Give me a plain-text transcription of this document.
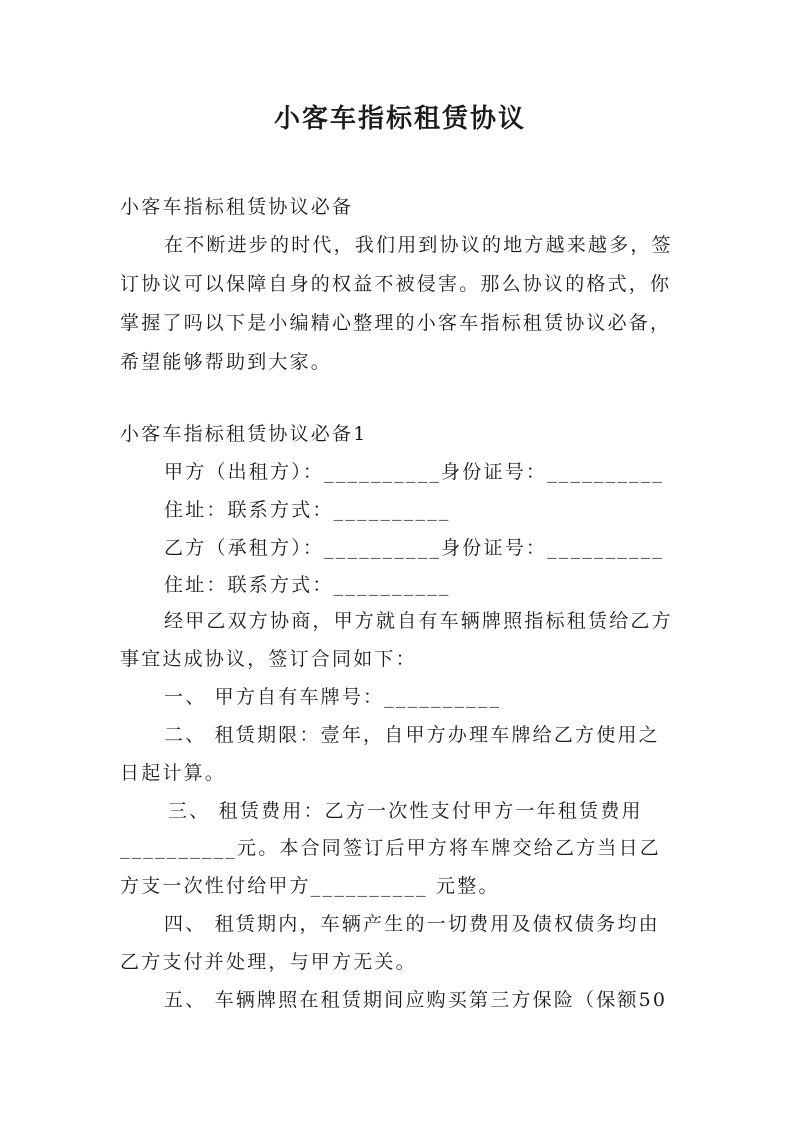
小客车指标租赁协议
小客车指标租赁协议必备
在不断进步的时代，我们用到协议的地方越来越多，签
订协议可以保障自身的权益不被侵害。那么协议的格式，你
掌握了吗以下是小编精心整理的小客车指标租赁协议必备，
希望能够帮助到大家。
小客车指标租赁协议必备1
甲方（出租方）：__________身份证号：__________
住址：联系方式：__________
乙方（承租方）：__________身份证号：__________
住址：联系方式：__________
经甲乙双方协商，甲方就自有车辆牌照指标租赁给乙方
事宜达成协议，签订合同如下：
一、 甲方自有车牌号：__________
二、 租赁期限：壹年，自甲方办理车牌给乙方使用之
日起计算。
三、 租赁费用：乙方一次性支付甲方一年租赁费用
__________元。本合同签订后甲方将车牌交给乙方当日乙
方支一次性付给甲方__________ 元整。
四、 租赁期内，车辆产生的一切费用及债权债务均由
乙方支付并处理，与甲方无关。
五、 车辆牌照在租赁期间应购买第三方保险（保额50
